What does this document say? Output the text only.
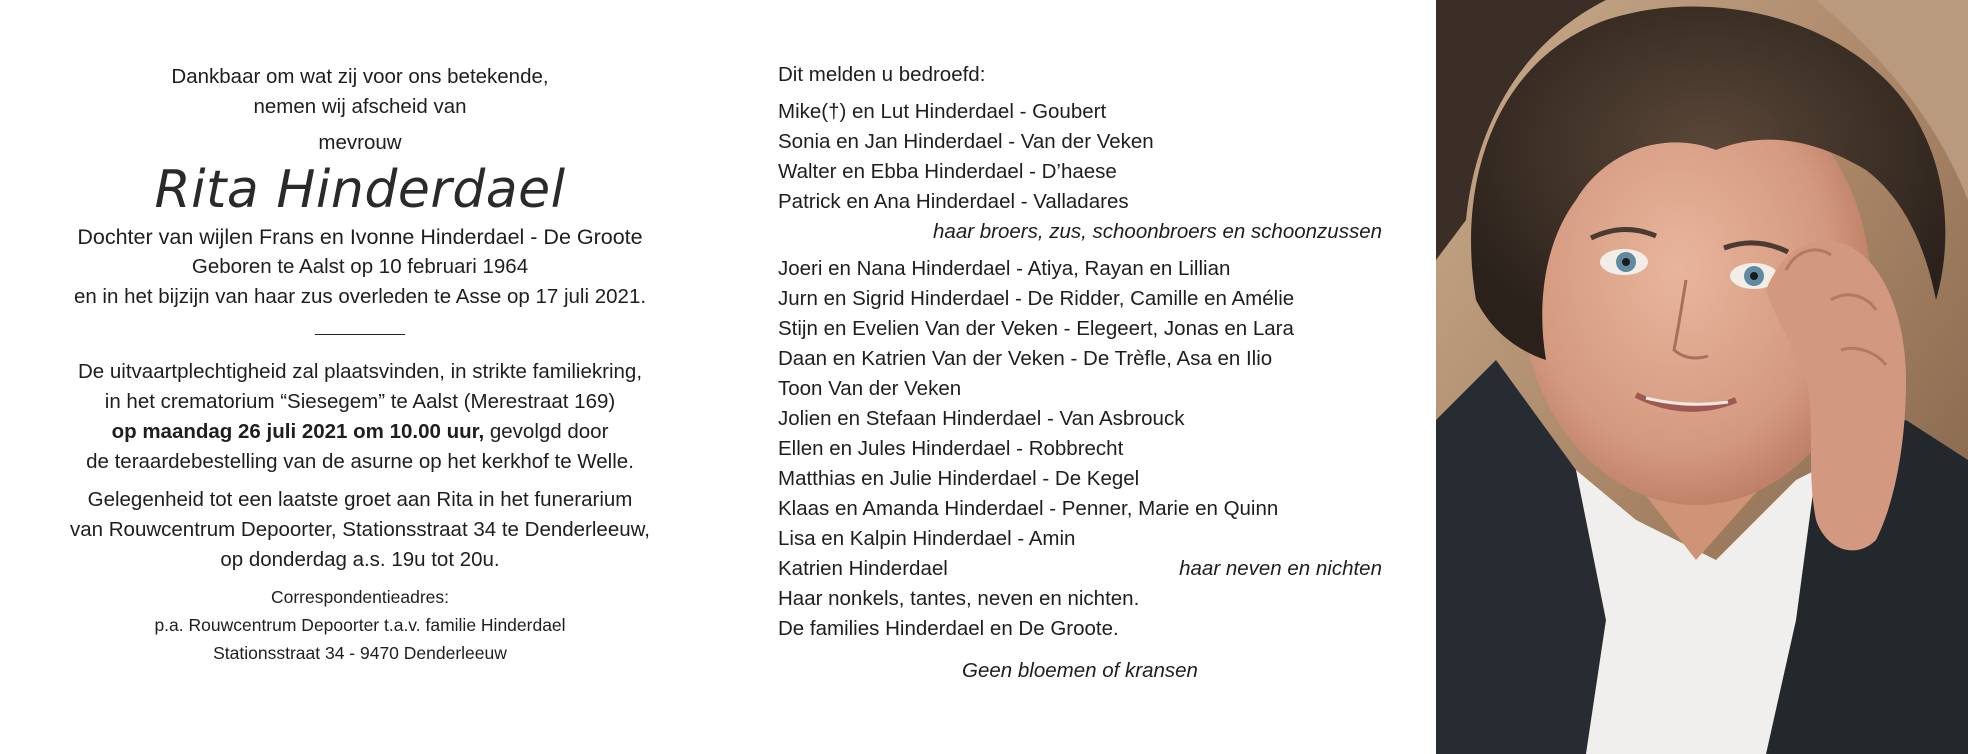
Dankbaar om wat zij voor ons betekende,

nemen wij afscheid van

mevrouw

Rita Hinderdael

Dochter van wijlen Frans en Ivonne Hinderdael - De Groote

Geboren te Aalst op 10 februari 1964

en in het bijzijn van haar zus overleden te Asse op 17 juli 2021.

De uitvaartplechtigheid zal plaatsvinden, in strikte familiekring,

in het crematorium “Siesegem” te Aalst (Merestraat 169)

op maandag 26 juli 2021 om 10.00 uur, gevolgd door

de teraardebestelling van de asurne op het kerkhof te Welle.

Gelegenheid tot een laatste groet aan Rita in het funerarium

van Rouwcentrum Depoorter, Stationsstraat 34 te Denderleeuw,

op donderdag a.s. 19u tot 20u.

Correspondentieadres:

p.a. Rouwcentrum Depoorter t.a.v. familie Hinderdael

Stationsstraat 34 - 9470 Denderleeuw

Dit melden u bedroefd:

Mike(†) en Lut Hinderdael - Goubert

Sonia en Jan Hinderdael - Van der Veken

Walter en Ebba Hinderdael - D’haese

Patrick en Ana Hinderdael - Valladares

haar broers, zus, schoonbroers en schoonzussen

Joeri en Nana Hinderdael - Atiya, Rayan en Lillian

Jurn en Sigrid Hinderdael - De Ridder, Camille en Amélie

Stijn en Evelien Van der Veken - Elegeert, Jonas en Lara

Daan en Katrien Van der Veken - De Trèfle, Asa en Ilio

Toon Van der Veken

Jolien en Stefaan Hinderdael - Van Asbrouck

Ellen en Jules Hinderdael - Robbrecht

Matthias en Julie Hinderdael - De Kegel

Klaas en Amanda Hinderdael - Penner, Marie en Quinn

Lisa en Kalpin Hinderdael - Amin

Katrien Hinderdael	haar neven en nichten

Haar nonkels, tantes, neven en nichten.

De families Hinderdael en De Groote.

Geen bloemen of kransen
